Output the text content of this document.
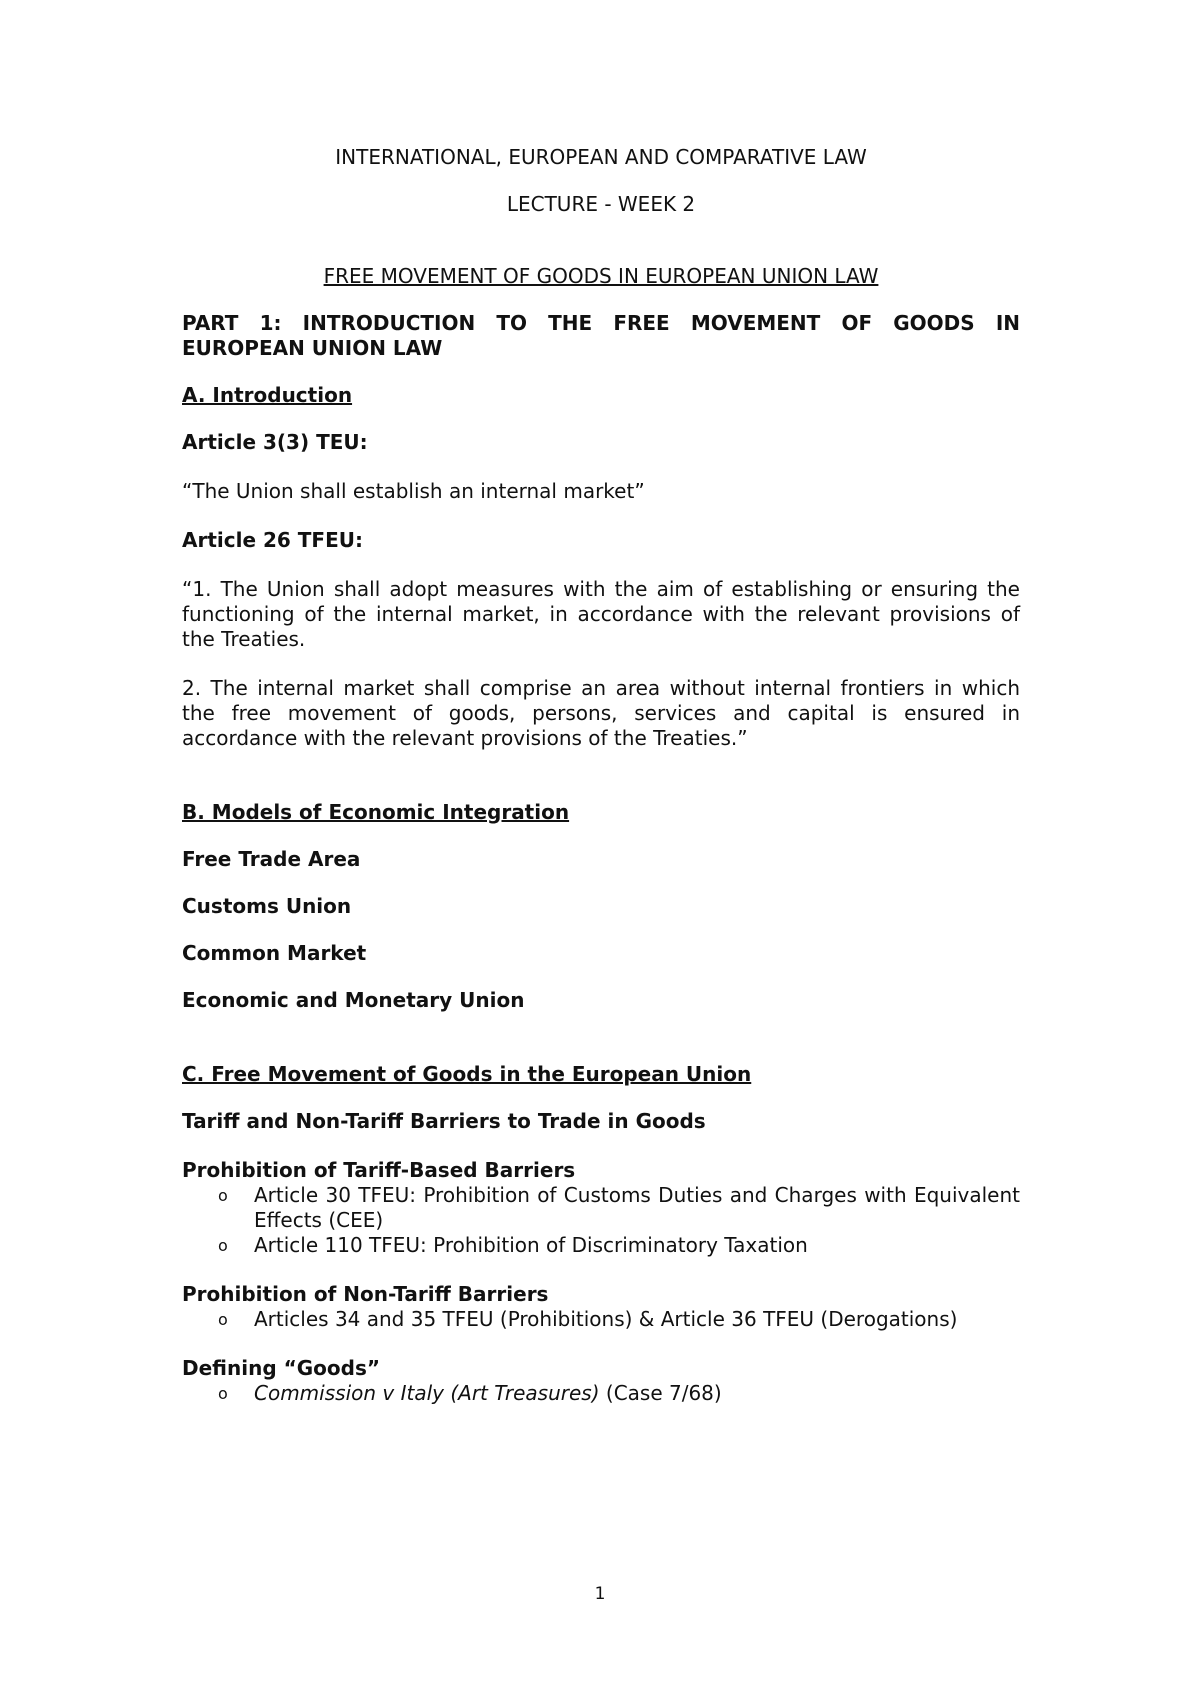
INTERNATIONAL, EUROPEAN AND COMPARATIVE LAW

LECTURE - WEEK 2

FREE MOVEMENT OF GOODS IN EUROPEAN UNION LAW

PART 1: INTRODUCTION TO THE FREE MOVEMENT OF GOODS IN EUROPEAN UNION LAW

A. Introduction

Article 3(3) TEU:

“The Union shall establish an internal market”

Article 26 TFEU:

“1. The Union shall adopt measures with the aim of establishing or ensuring the functioning of the internal market, in accordance with the relevant provisions of the Treaties.

2. The internal market shall comprise an area without internal frontiers in which the free movement of goods, persons, services and capital is ensured in accordance with the relevant provisions of the Treaties.”

B. Models of Economic Integration

Free Trade Area

Customs Union

Common Market

Economic and Monetary Union

C. Free Movement of Goods in the European Union

Tariff and Non-Tariff Barriers to Trade in Goods

Prohibition of Tariff-Based Barriers

o Article 30 TFEU: Prohibition of Customs Duties and Charges with Equivalent Effects (CEE)
o Article 110 TFEU: Prohibition of Discriminatory Taxation

Prohibition of Non-Tariff Barriers

o Articles 34 and 35 TFEU (Prohibitions) & Article 36 TFEU (Derogations)

Defining “Goods”

o Commission v Italy (Art Treasures) (Case 7/68)
1
